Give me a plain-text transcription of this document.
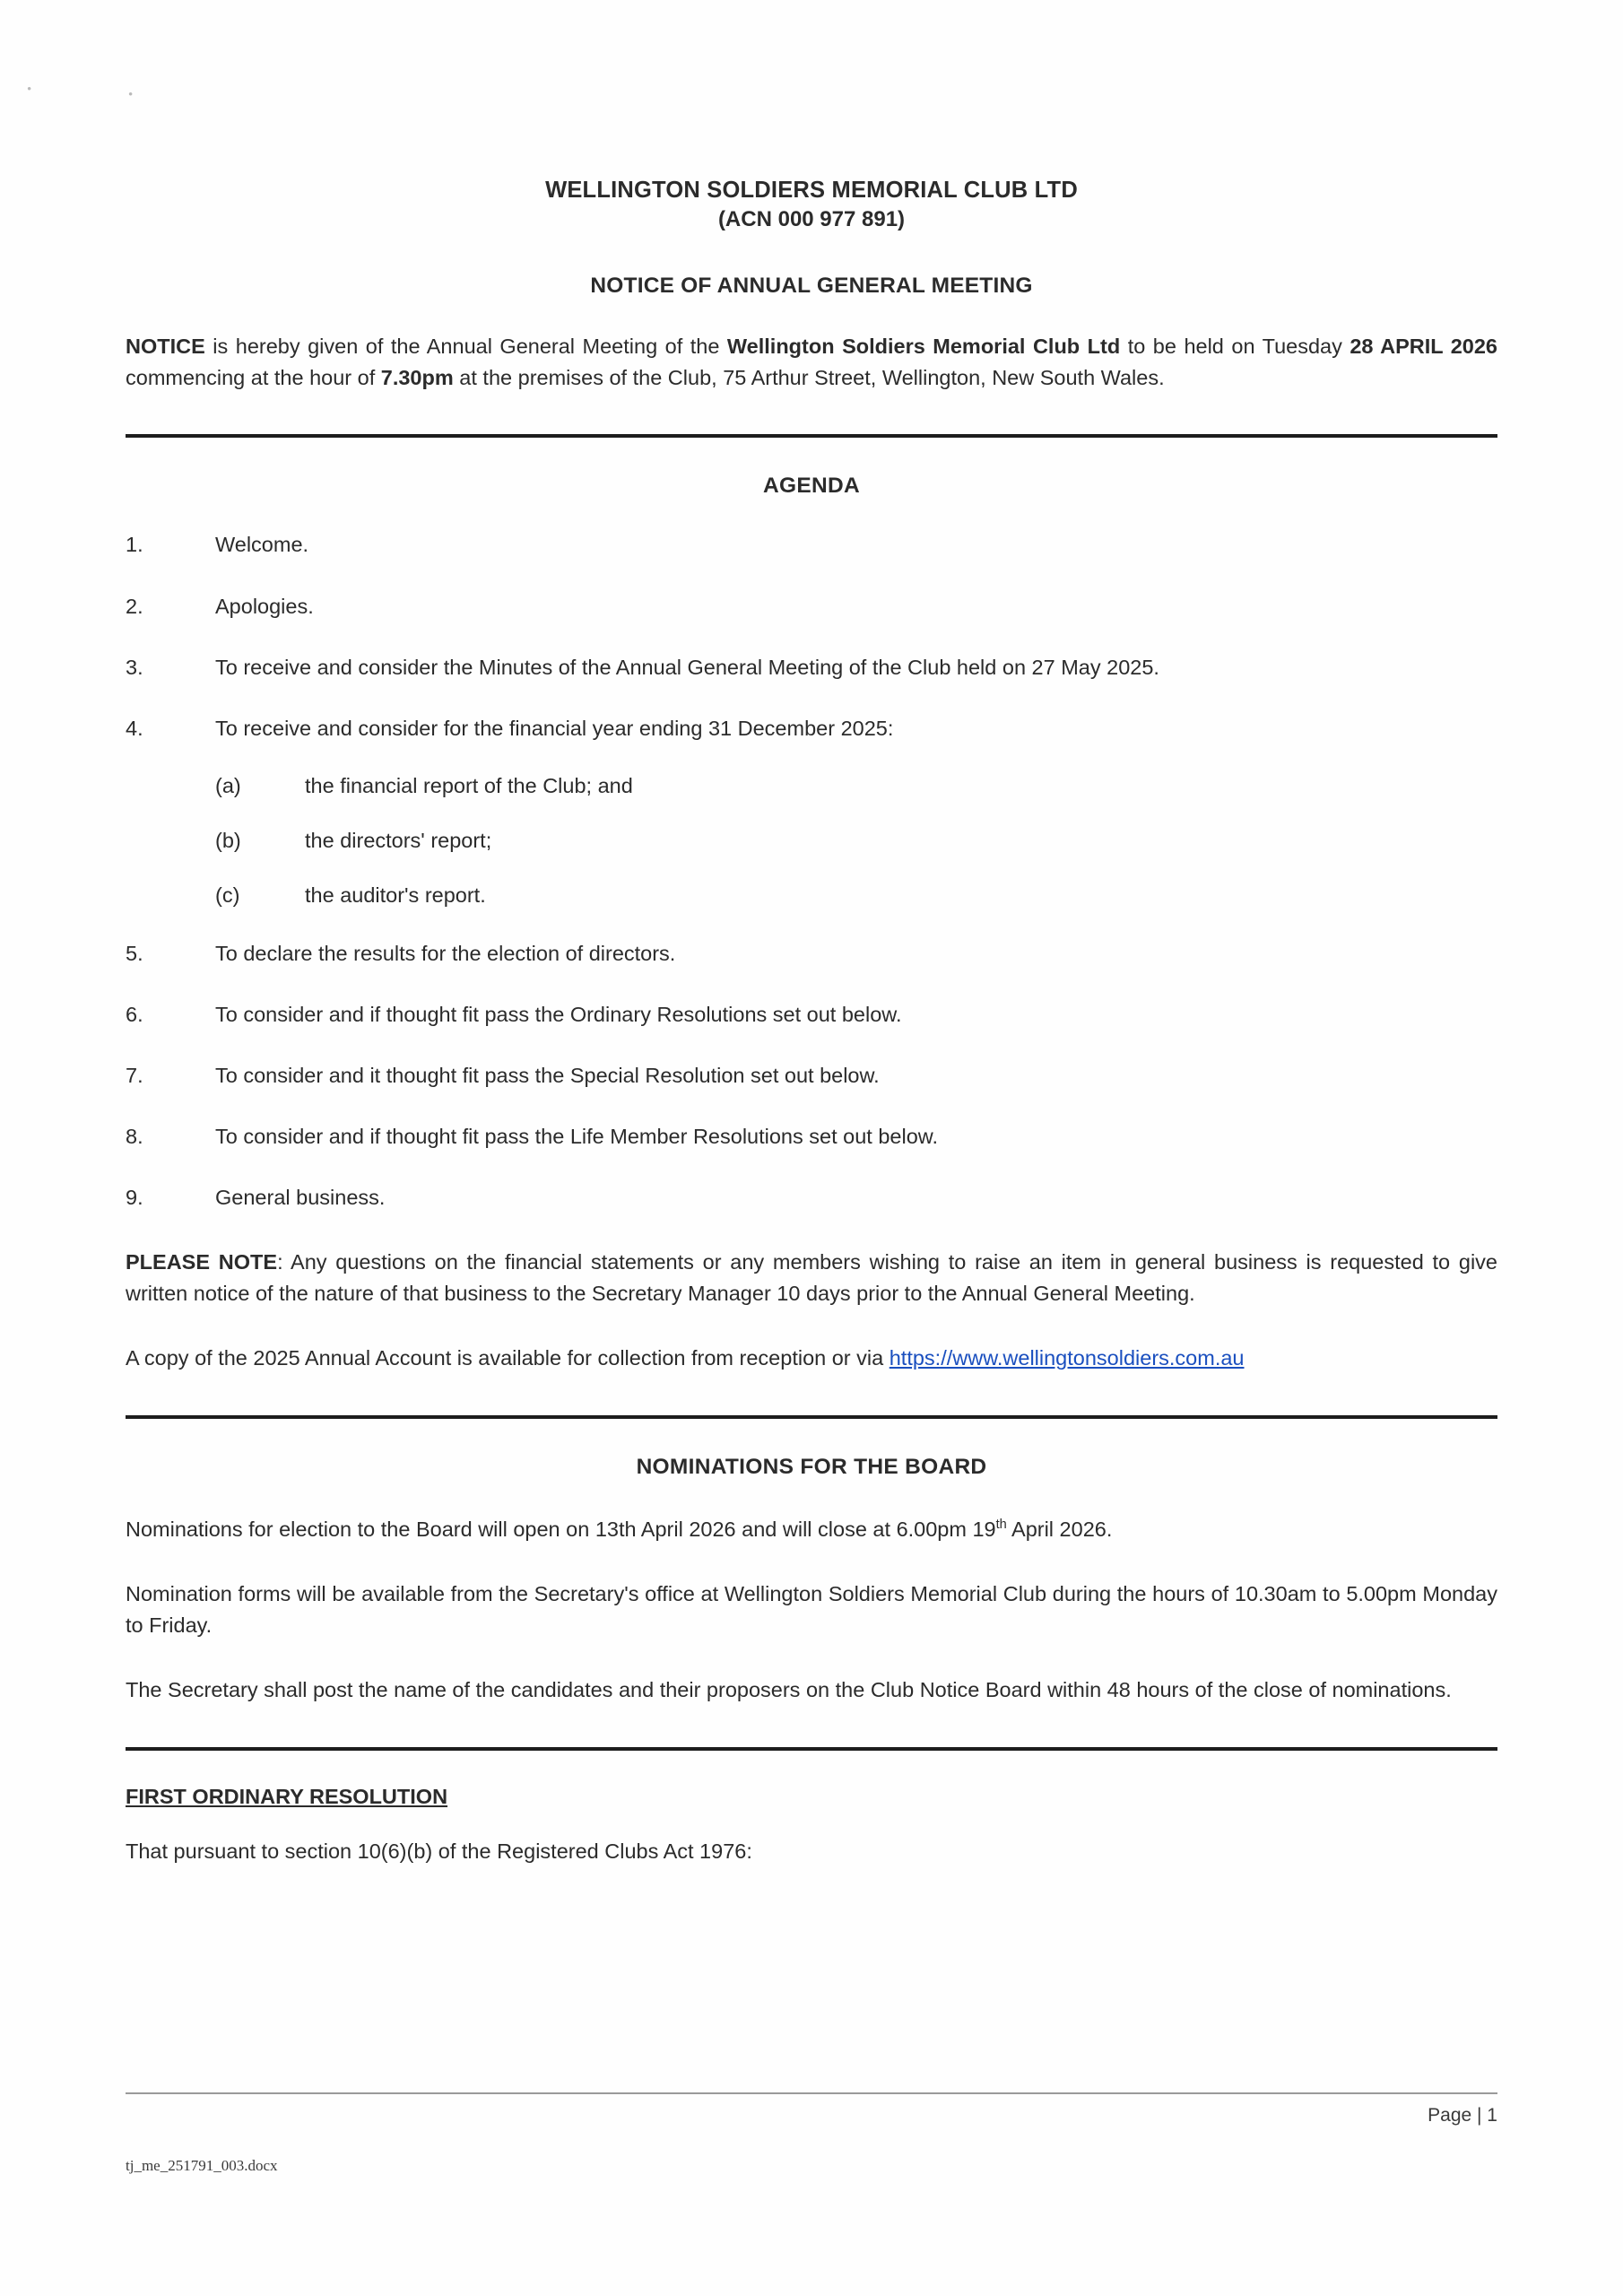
•	•
WELLINGTON SOLDIERS MEMORIAL CLUB LTD
(ACN 000 977 891)
NOTICE OF ANNUAL GENERAL MEETING
NOTICE is hereby given of the Annual General Meeting of the Wellington Soldiers Memorial Club Ltd to be held on Tuesday 28 APRIL 2026 commencing at the hour of 7.30pm at the premises of the Club, 75 Arthur Street, Wellington, New South Wales.
AGENDA
1.	Welcome.
2.	Apologies.
3.	To receive and consider the Minutes of the Annual General Meeting of the Club held on 27 May 2025.
4.	To receive and consider for the financial year ending 31 December 2025:
(a)	the financial report of the Club; and
(b)	the directors' report;
(c)	the auditor's report.
5.	To declare the results for the election of directors.
6.	To consider and if thought fit pass the Ordinary Resolutions set out below.
7.	To consider and it thought fit pass the Special Resolution set out below.
8.	To consider and if thought fit pass the Life Member Resolutions set out below.
9.	General business.
PLEASE NOTE: Any questions on the financial statements or any members wishing to raise an item in general business is requested to give written notice of the nature of that business to the Secretary Manager 10 days prior to the Annual General Meeting.
A copy of the 2025 Annual Account is available for collection from reception or via https://www.wellingtonsoldiers.com.au
NOMINATIONS FOR THE BOARD
Nominations for election to the Board will open on 13th April 2026 and will close at 6.00pm 19th April 2026.
Nomination forms will be available from the Secretary's office at Wellington Soldiers Memorial Club during the hours of 10.30am to 5.00pm Monday to Friday.
The Secretary shall post the name of the candidates and their proposers on the Club Notice Board within 48 hours of the close of nominations.
FIRST ORDINARY RESOLUTION
That pursuant to section 10(6)(b) of the Registered Clubs Act 1976:
Page | 1
tj_me_251791_003.docx
